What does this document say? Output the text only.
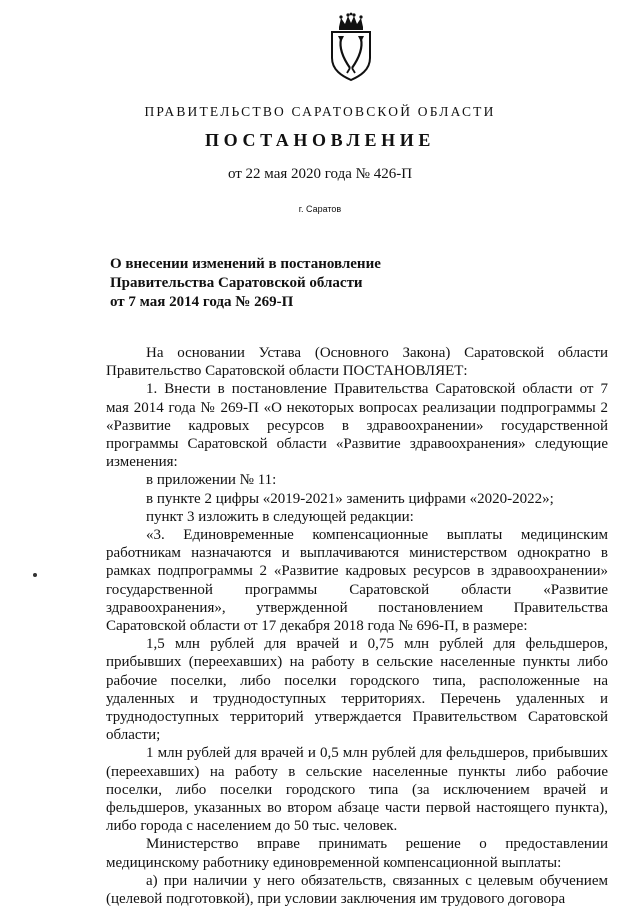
ПРАВИТЕЛЬСТВО САРАТОВСКОЙ ОБЛАСТИ
ПОСТАНОВЛЕНИЕ
от 22 мая 2020 года № 426-П
г. Саратов
О внесении изменений в постановление
Правительства Саратовской области
от 7 мая 2014 года № 269-П

На основании Устава (Основного Закона) Саратовской области Правительство Саратовской области ПОСТАНОВЛЯЕТ:

1. Внести в постановление Правительства Саратовской области от 7 мая 2014 года № 269-П «О некоторых вопросах реализации подпрограммы 2 «Развитие кадровых ресурсов в здравоохранении» государственной программы Саратовской области «Развитие здравоохранения» следующие изменения:

в приложении № 11:

в пункте 2 цифры «2019-2021» заменить цифрами «2020-2022»;

пункт 3 изложить в следующей редакции:

«3. Единовременные компенсационные выплаты медицинским работникам назначаются и выплачиваются министерством однократно в рамках подпрограммы 2 «Развитие кадровых ресурсов в здравоохранении» государственной программы Саратовской области «Развитие здравоохранения», утвержденной постановлением Правительства Саратовской области от 17 декабря 2018 года № 696-П, в размере:

1,5 млн рублей для врачей и 0,75 млн рублей для фельдшеров, прибывших (переехавших) на работу в сельские населенные пункты либо рабочие поселки, либо поселки городского типа, расположенные на удаленных и труднодоступных территориях. Перечень удаленных и труднодоступных территорий утверждается Правительством Саратовской области;

1 млн рублей для врачей и 0,5 млн рублей для фельдшеров, прибывших (переехавших) на работу в сельские населенные пункты либо рабочие поселки, либо поселки городского типа (за исключением врачей и фельдшеров, указанных во втором абзаце части первой настоящего пункта), либо города с населением до 50 тыс. человек.

Министерство вправе принимать решение о предоставлении медицинскому работнику единовременной компенсационной выплаты:

а) при наличии у него обязательств, связанных с целевым обучением (целевой подготовкой), при условии заключения им трудового договора
